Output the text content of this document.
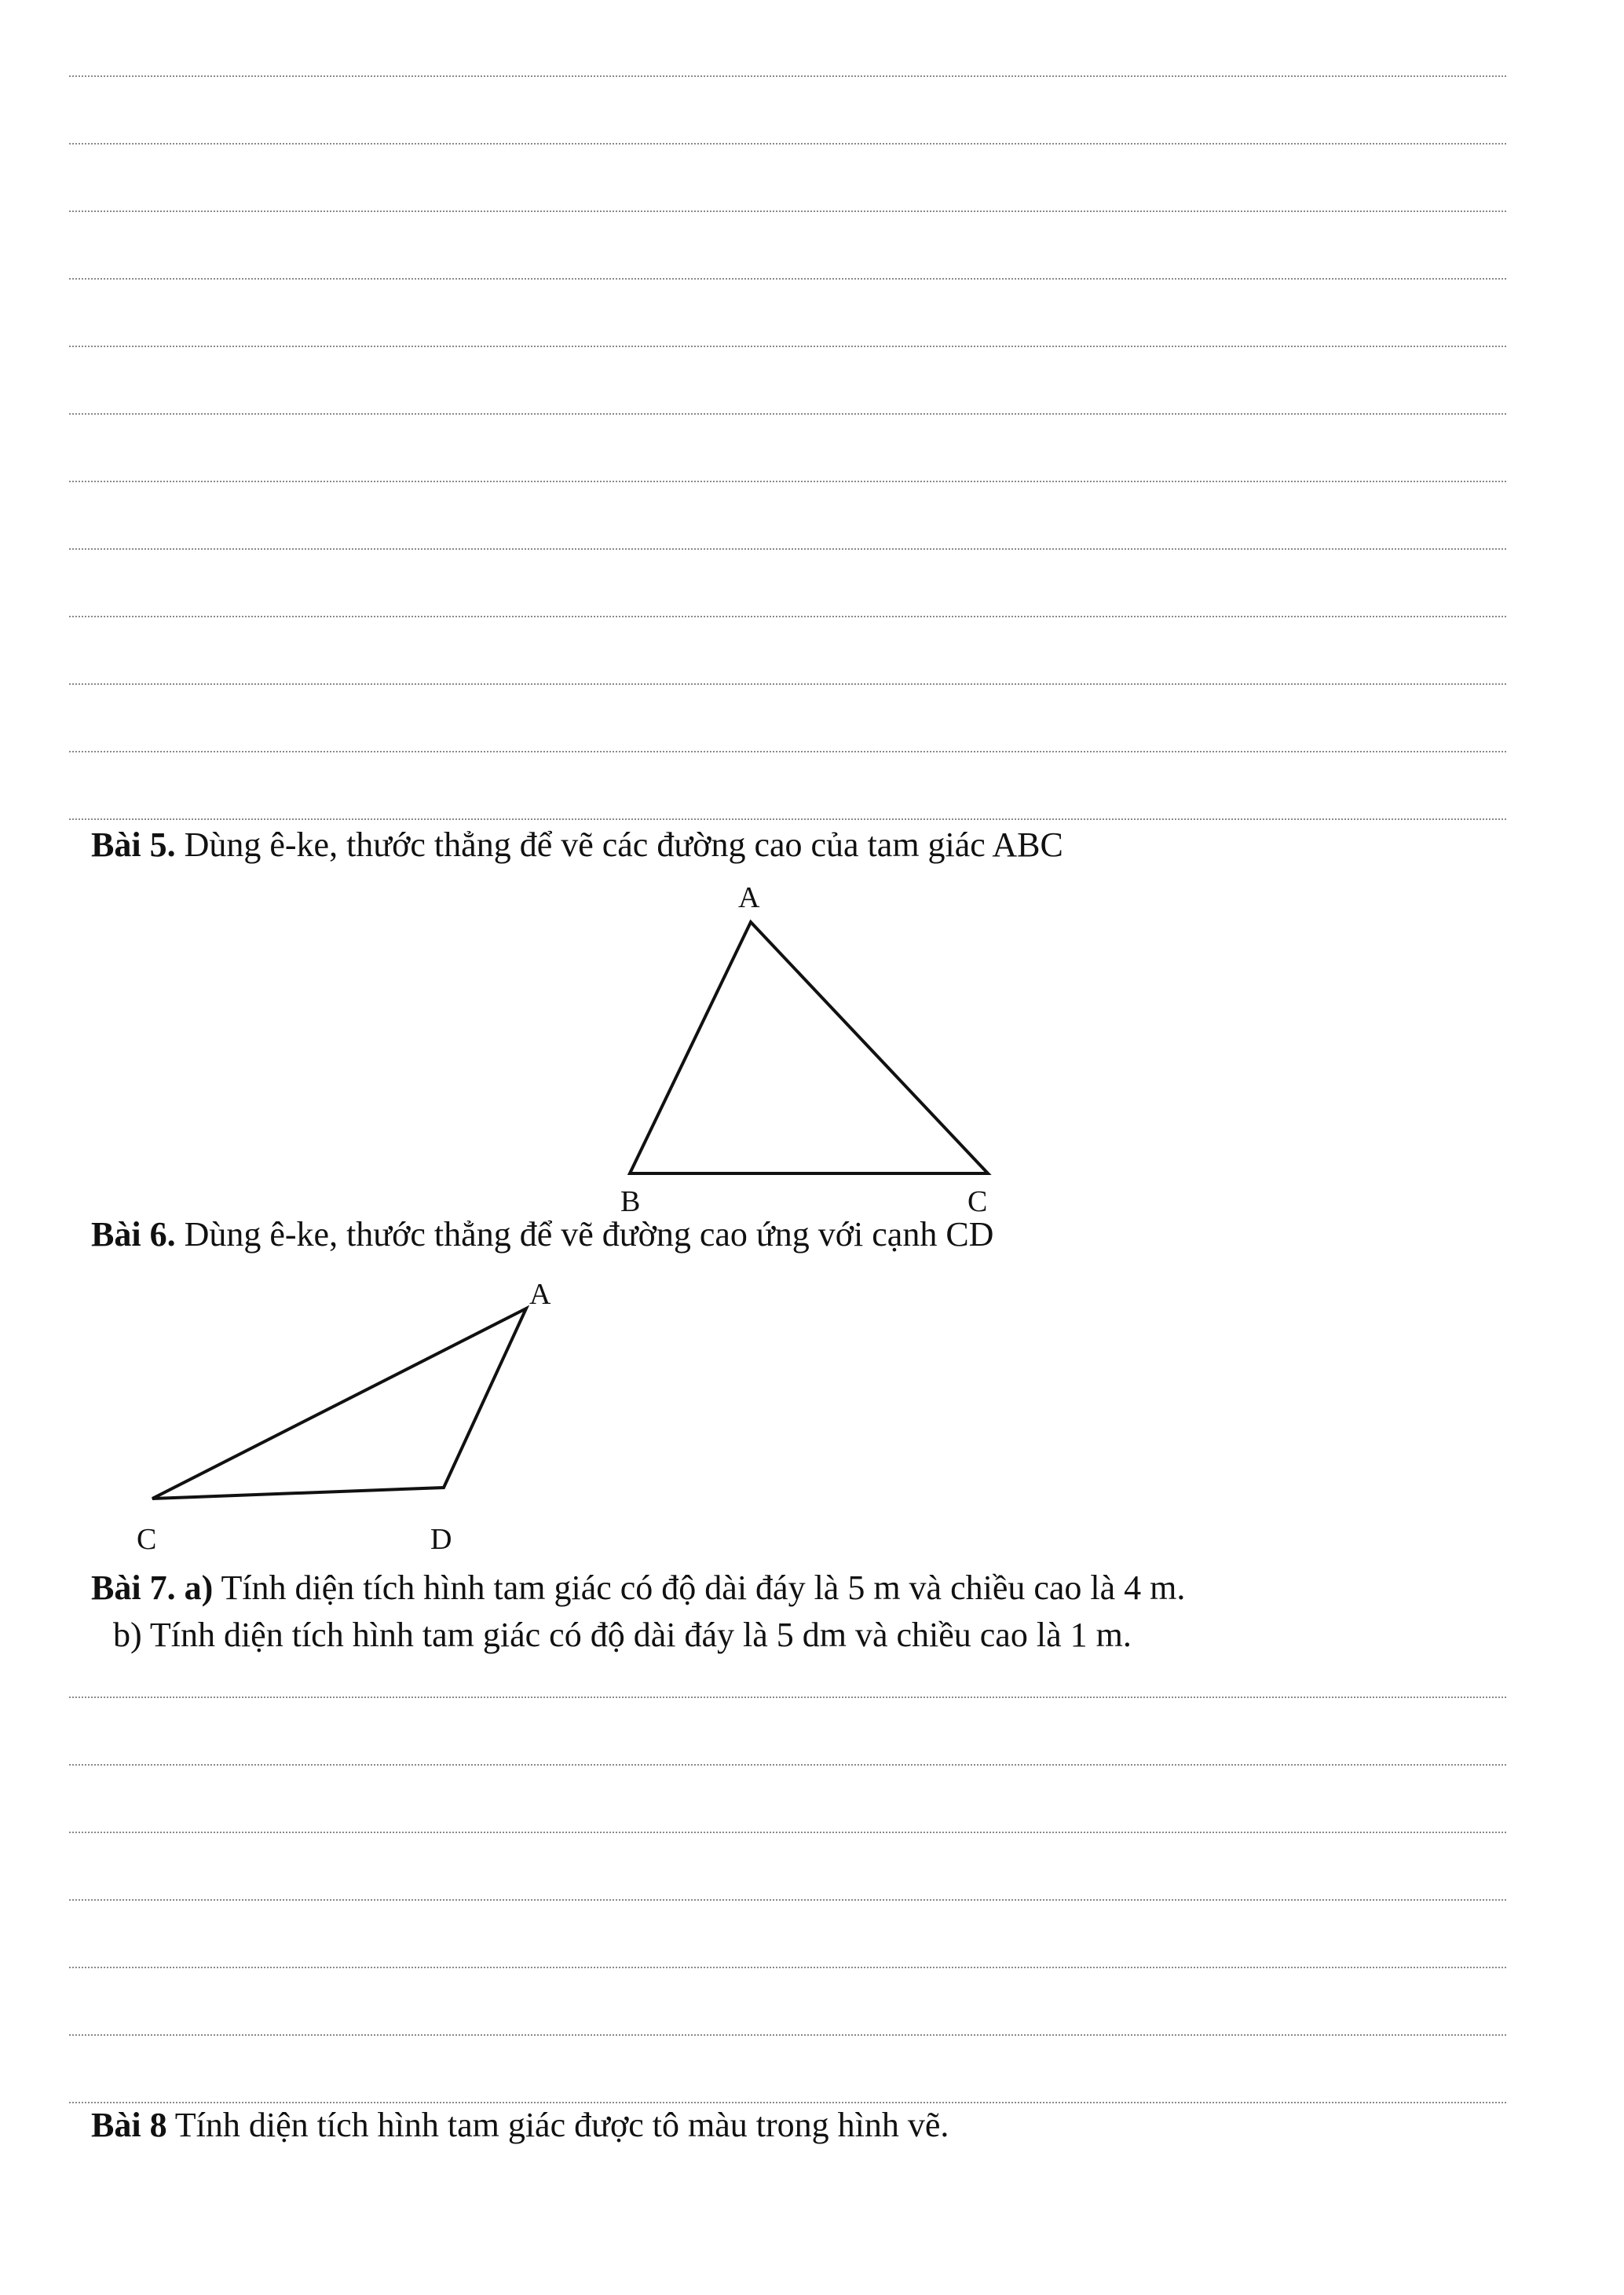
Bài 5. Dùng ê-ke, thước thẳng để vẽ các đường cao của tam giác ABC
A
B	C
Bài 6. Dùng ê-ke, thước thẳng để vẽ đường cao ứng với cạnh CD
A
C	D
Bài 7. a) Tính diện tích hình tam giác có độ dài đáy là 5 m và chiều cao là 4 m.
b) Tính diện tích hình tam giác có độ dài đáy là 5 dm và chiều cao là 1 m.
Bài 8 Tính diện tích hình tam giác được tô màu trong hình vẽ.
